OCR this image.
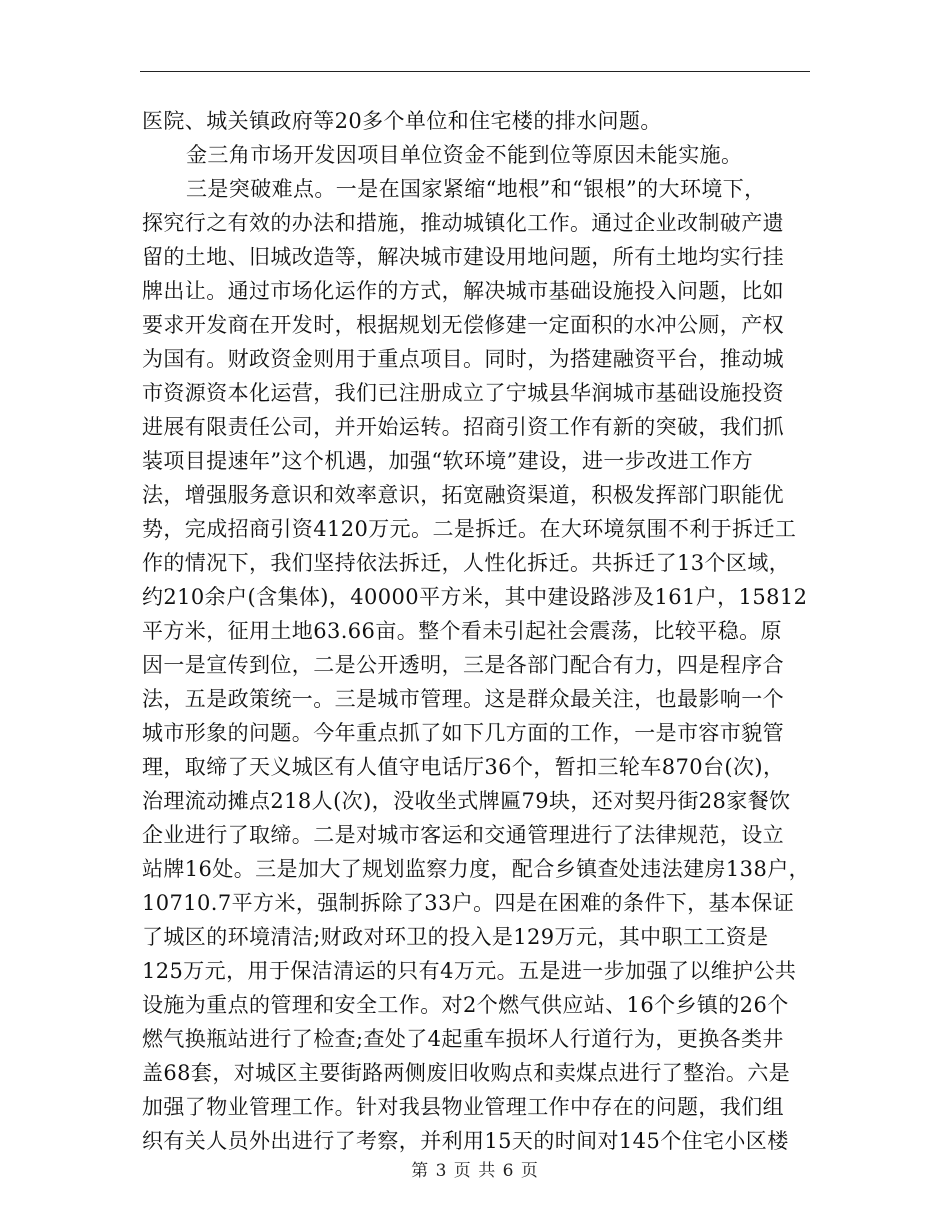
医院、城关镇政府等20多个单位和住宅楼的排水问题。
金三角市场开发因项目单位资金不能到位等原因未能实施。
三是突破难点。一是在国家紧缩“地根”和“银根”的大环境下，
探究行之有效的办法和措施，推动城镇化工作。通过企业改制破产遗
留的土地、旧城改造等，解决城市建设用地问题，所有土地均实行挂
牌出让。通过市场化运作的方式，解决城市基础设施投入问题，比如
要求开发商在开发时，根据规划无偿修建一定面积的水冲公厕，产权
为国有。财政资金则用于重点项目。同时，为搭建融资平台，推动城
市资源资本化运营，我们已注册成立了宁城县华润城市基础设施投资
进展有限责任公司，并开始运转。招商引资工作有新的突破，我们抓
装项目提速年”这个机遇，加强“软环境”建设，进一步改进工作方
法，增强服务意识和效率意识，拓宽融资渠道，积极发挥部门职能优
势，完成招商引资4120万元。二是拆迁。在大环境氛围不利于拆迁工
作的情况下，我们坚持依法拆迁，人性化拆迁。共拆迁了13个区域，
约210余户(含集体)，40000平方米，其中建设路涉及161户，15812
平方米，征用土地63.66亩。整个看未引起社会震荡，比较平稳。原
因一是宣传到位，二是公开透明，三是各部门配合有力，四是程序合
法，五是政策统一。三是城市管理。这是群众最关注，也最影响一个
城市形象的问题。今年重点抓了如下几方面的工作，一是市容市貌管
理，取缔了天义城区有人值守电话厅36个，暂扣三轮车870台(次)，
治理流动摊点218人(次)，没收坐式牌匾79块，还对契丹街28家餐饮
企业进行了取缔。二是对城市客运和交通管理进行了法律规范，设立
站牌16处。三是加大了规划监察力度，配合乡镇查处违法建房138户，
10710.7平方米，强制拆除了33户。四是在困难的条件下，基本保证
了城区的环境清洁;财政对环卫的投入是129万元，其中职工工资是
125万元，用于保洁清运的只有4万元。五是进一步加强了以维护公共
设施为重点的管理和安全工作。对2个燃气供应站、16个乡镇的26个
燃气换瓶站进行了检查;查处了4起重车损坏人行道行为，更换各类井
盖68套，对城区主要街路两侧废旧收购点和卖煤点进行了整治。六是
加强了物业管理工作。针对我县物业管理工作中存在的问题，我们组
织有关人员外出进行了考察，并利用15天的时间对145个住宅小区楼
第 3 页 共 6 页
